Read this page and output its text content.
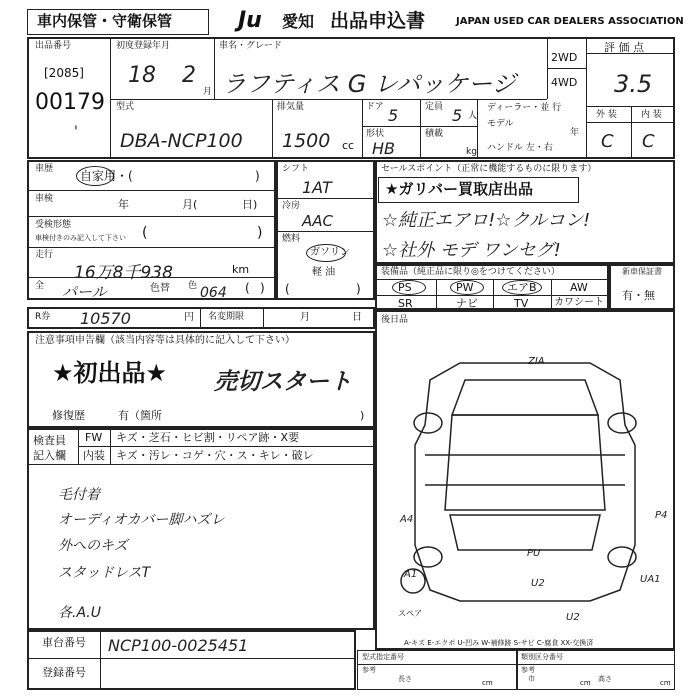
車内保管・守衛保管	Ju 愛知 出品申込書	JAPAN USED CAR DEALERS ASSOCIATION
出品番号
[2085]
00179
'
初度登録年月
18 2
月
車名・グレード
ラフティス G レパッケージ
2WD
4WD
評 価 点
3.5
外 装	内 装
C C
型式
DBA-NCP100
排気量
1500 cc
ドア 5	定員 5 人
形状
HB
積載
kg
ディーラー・並 行
モデル
年
ハンドル 左・右
車歴 自家用・(	)
車検	年	月(	日)
受検形態
車検付きのみ記入して下さい (	)
走行
16万8千938	km
全 パール	色替 色 064 ( )
シフト
1AT
冷房
AAC
燃料
ガソリン
軽 油
(	)
セールスポイント（正常に機能するものに限ります）
★ガリバー買取店出品
☆純正エアロ!☆クルコン!
☆社外 モデ ワンセグ!
装備品（純正品に限り◎をつけてください）
PS	PW	エアB	AW
SR	ナビ	TV	カワシート
新車保証書
有・無
R券 10570	円 名変期限	月	日 後日品
注意事項申告欄（該当内容等は具体的に記入して下さい）
★初出品★ 売切スタート
修復歴	有（箇所	)
検査員
記入欄
FW キズ・芝石・ヒビ割・リペア跡・X要
内装 キズ・汚レ・コゲ・穴・ス・キレ・破レ
毛付着
オーディオカバー脚ハズレ
外へのキズ
スタッドレスT
各.A.U
ZIA
A4	P4
PU
A1
U2	UA1
U2
スペア
A-キズ E-エクボ U-凹み W-補修跡 S-サビ C-腐食 XX-交換済
車台番号 NCP100-0025451
登録番号
型式指定番号
参考
長さ	cm
類別区分番号
参考
巾	cm 高さ	cm
